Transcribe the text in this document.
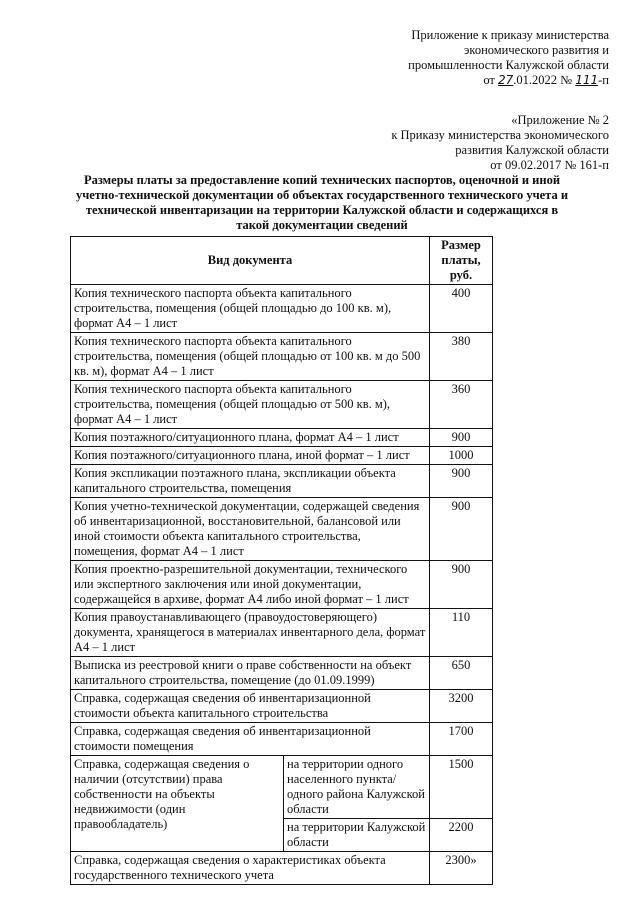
Приложение к приказу министерства
экономического развития и
промышленности Калужской области
от 27.01.2022 № 111-п
«Приложение № 2
к Приказу министерства экономического
развития Калужской области
от 09.02.2017 № 161-п
Размеры платы за предоставление копий технических паспортов, оценочной и иной учетно-технической документации об объектах государственного технического учета и технической инвентаризации на территории Калужской области и содержащихся в такой документации сведений
Вид документа		Размер платы, руб.
Копия технического паспорта объекта капитального строительства, помещения (общей площадью до 100 кв. м), формат А4 – 1 лист		400
Копия технического паспорта объекта капитального строительства, помещения (общей площадью от 100 кв. м до 500 кв. м), формат А4 – 1 лист		380
Копия технического паспорта объекта капитального строительства, помещения (общей площадью от 500 кв. м), формат А4 – 1 лист		360
Копия поэтажного/ситуационного плана, формат А4 – 1 лист		900
Копия поэтажного/ситуационного плана, иной формат – 1 лист		1000
Копия экспликации поэтажного плана, экспликации объекта капитального строительства, помещения		900
Копия учетно-технической документации, содержащей сведения об инвентаризационной, восстановительной, балансовой или иной стоимости объекта капитального строительства, помещения, формат А4 – 1 лист		900
Копия проектно-разрешительной документации, технического или экспертного заключения или иной документации, содержащейся в архиве, формат А4 либо иной формат – 1 лист		900
Копия правоустанавливающего (правоудостоверяющего) документа, хранящегося в материалах инвентарного дела, формат А4 – 1 лист		110
Выписка из реестровой книги о праве собственности на объект капитального строительства, помещение (до 01.09.1999)		650
Справка, содержащая сведения об инвентаризационной стоимости объекта капитального строительства		3200
Справка, содержащая сведения об инвентаризационной стоимости помещения		1700
Справка, содержащая сведения о наличии (отсутствии) права собственности на объекты недвижимости (один правообладатель)	на территории одного населенного пункта/одного района Калужской области	1500
	на территории Калужской области	2200
Справка, содержащая сведения о характеристиках объекта государственного технического учета		2300»
